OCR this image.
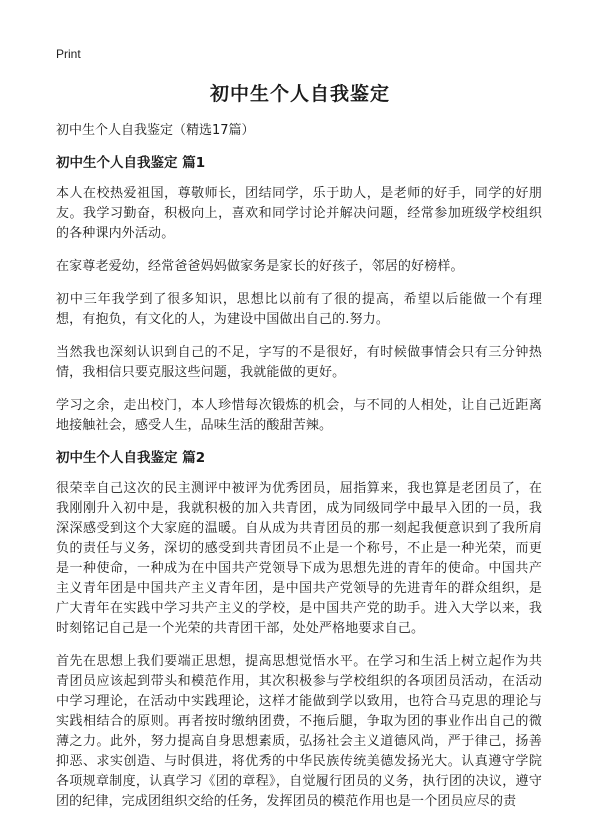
Print
初中生个人自我鉴定

初中生个人自我鉴定（精选17篇）

初中生个人自我鉴定 篇1

本人在校热爱祖国，尊敬师长，团结同学，乐于助人，是老师的好手，同学的好朋友。我学习勤奋，积极向上，喜欢和同学讨论并解决问题，经常参加班级学校组织的各种课内外活动。

在家尊老爱幼，经常爸爸妈妈做家务是家长的好孩子，邻居的好榜样。

初中三年我学到了很多知识，思想比以前有了很的提高，希望以后能做一个有理想，有抱负，有文化的人，为建设中国做出自己的.努力。

当然我也深刻认识到自己的不足，字写的不是很好，有时候做事情会只有三分钟热情，我相信只要克服这些问题，我就能做的更好。

学习之余，走出校门，本人珍惜每次锻炼的机会，与不同的人相处，让自己近距离地接触社会，感受人生，品味生活的酸甜苦辣。

初中生个人自我鉴定 篇2

很荣幸自己这次的民主测评中被评为优秀团员，屈指算来，我也算是老团员了，在我刚刚升入初中是，我就积极的加入共青团，成为同级同学中最早入团的一员，我深深感受到这个大家庭的温暖。自从成为共青团员的那一刻起我便意识到了我所肩负的责任与义务，深切的感受到共青团员不止是一个称号，不止是一种光荣，而更是一种使命，一种成为在中国共产党领导下成为思想先进的青年的使命。中国共产主义青年团是中国共产主义青年团，是中国共产党领导的先进青年的群众组织，是广大青年在实践中学习共产主义的学校，是中国共产党的助手。进入大学以来，我时刻铭记自己是一个光荣的共青团干部，处处严格地要求自己。

首先在思想上我们要端正思想，提高思想觉悟水平。在学习和生活上树立起作为共青团员应该起到带头和模范作用，其次积极参与学校组织的各项团员活动，在活动中学习理论，在活动中实践理论，这样才能做到学以致用，也符合马克思的理论与实践相结合的原则。再者按时缴纳团费，不拖后腿，争取为团的事业作出自己的微薄之力。此外，努力提高自身思想素质，弘扬社会主义道德风尚，严于律己，扬善抑恶、求实创造、与时俱进，将优秀的中华民族传统美德发扬光大。认真遵守学院各项规章制度，认真学习《团的章程》，自觉履行团员的义务，执行团的决议，遵守团的纪律，完成团组织交给的任务，发挥团员的模范作用也是一个团员应尽的责
